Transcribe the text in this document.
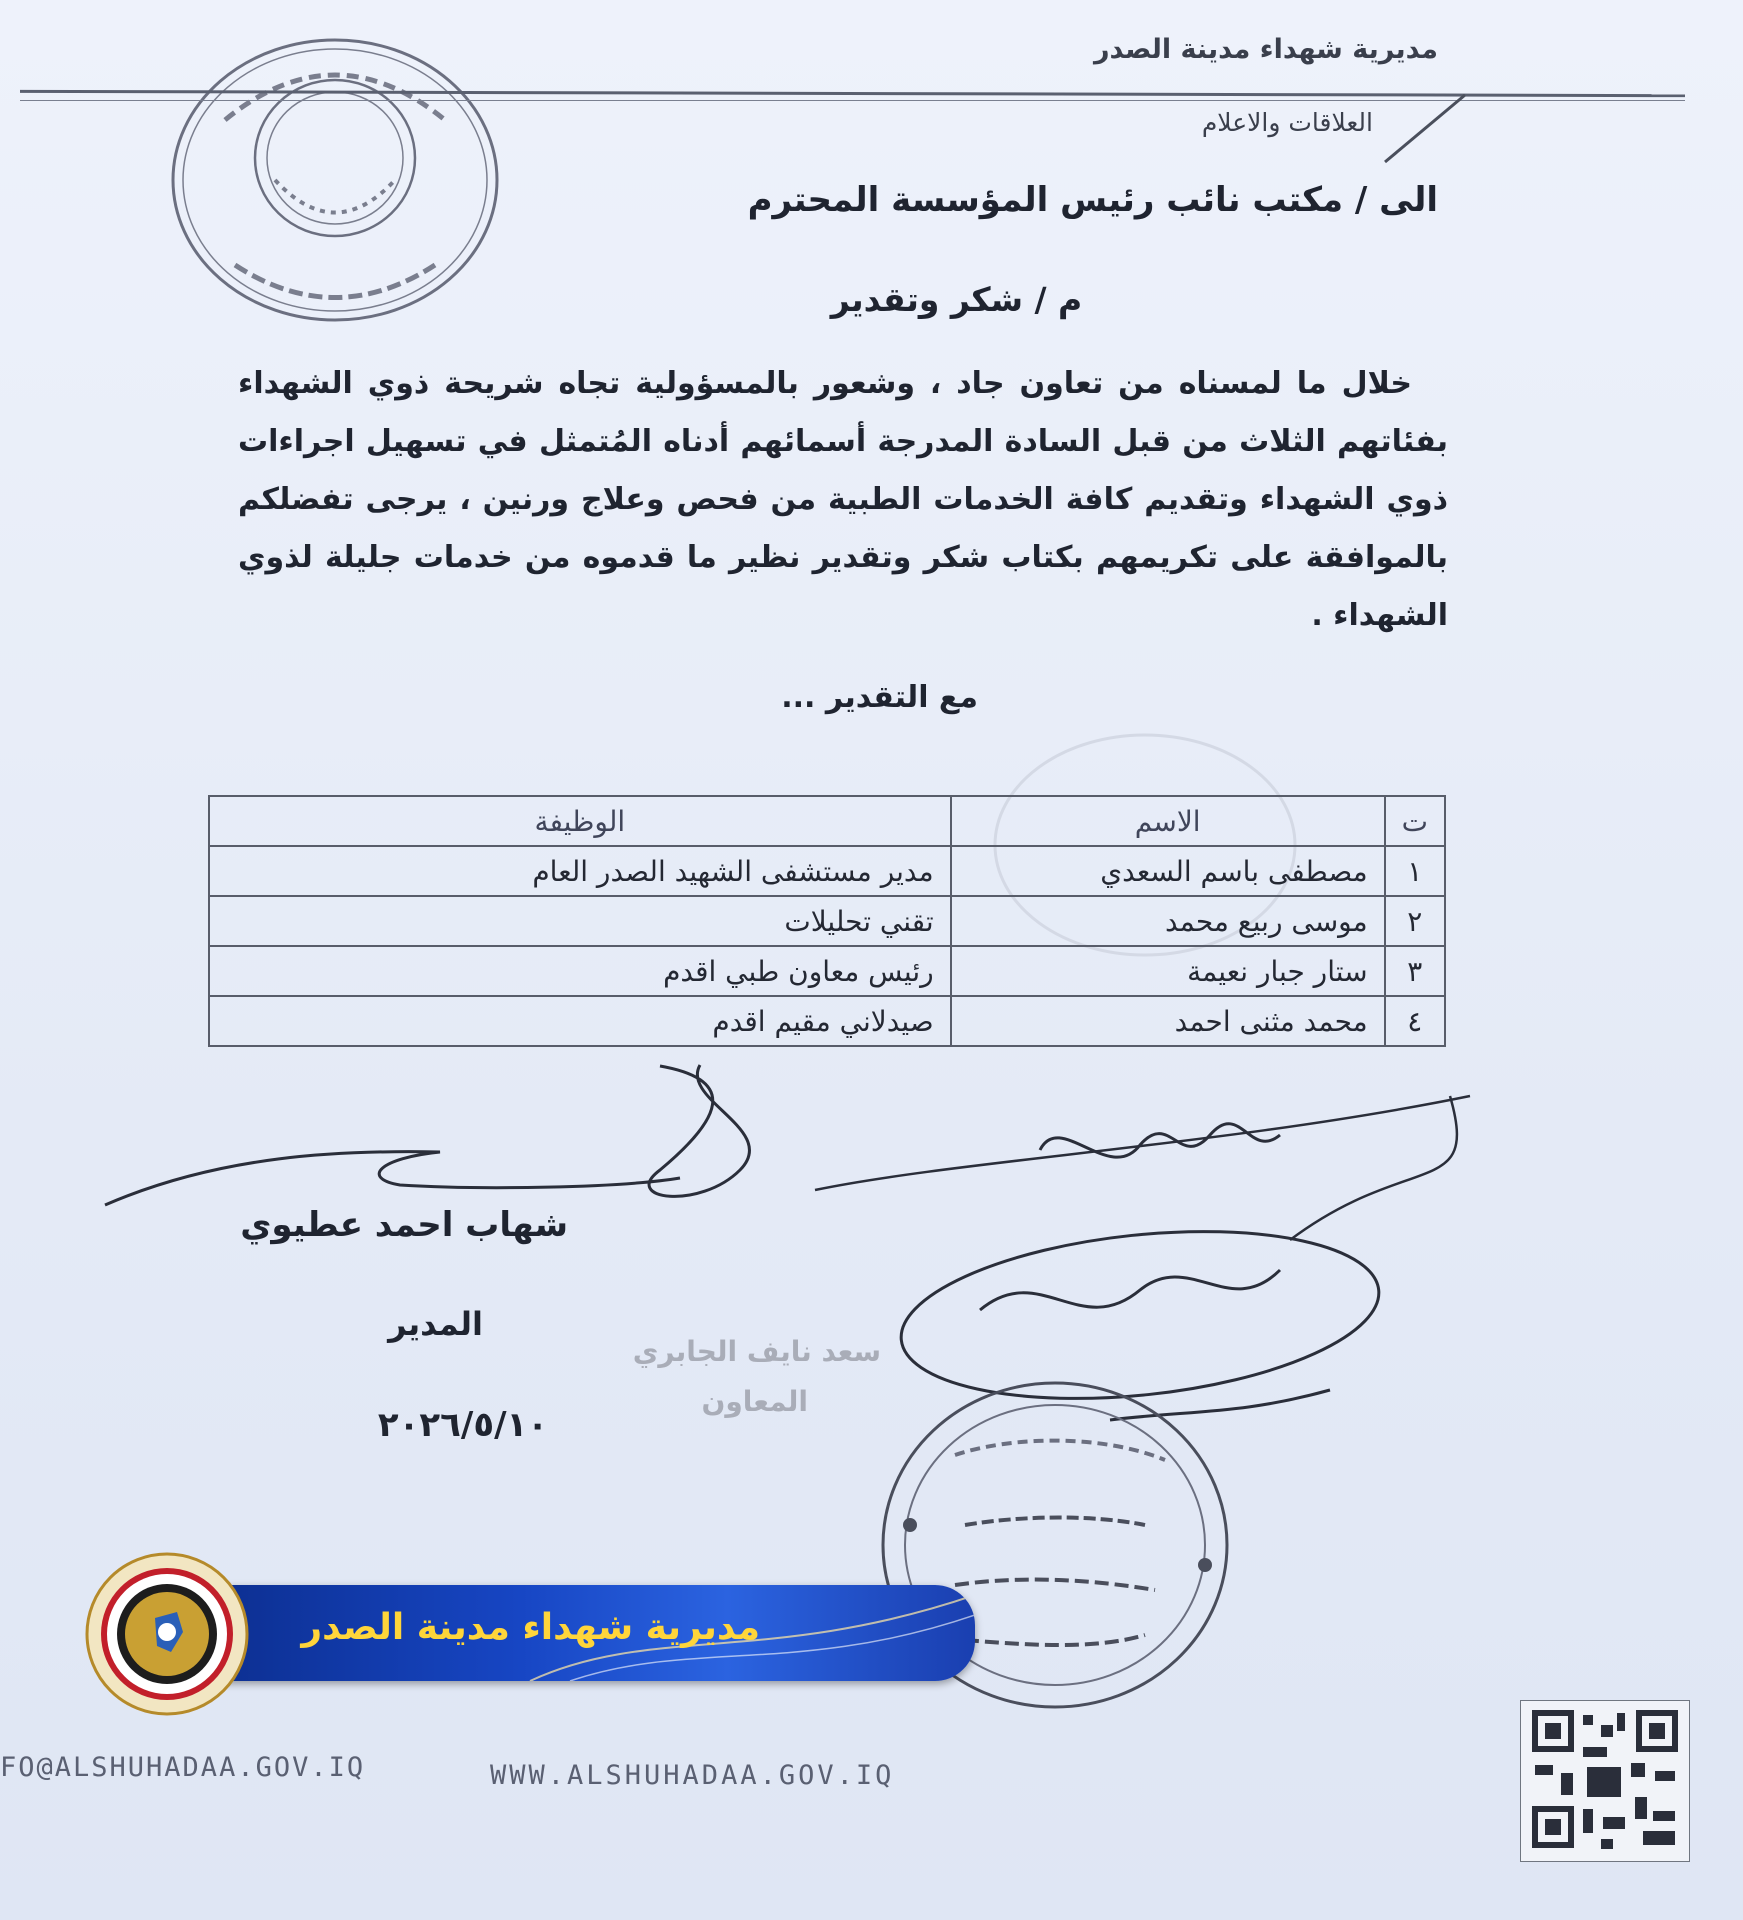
مديرية شهداء مدينة الصدر
العلاقات والاعلام
الى / مكتب نائب رئيس المؤسسة المحترم
م / شكر وتقدير
خلال ما لمسناه من تعاون جاد ، وشعور بالمسؤولية تجاه شريحة ذوي الشهداء بفئاتهم الثلاث من قبل السادة المدرجة أسمائهم أدناه المُتمثل في تسهيل اجراءات ذوي الشهداء وتقديم كافة الخدمات الطبية من فحص وعلاج ورنين ، يرجى تفضلكم بالموافقة على تكريمهم بكتاب شكر وتقدير نظير ما قدموه من خدمات جليلة لذوي الشهداء .
مع التقدير ...
ت	الاسم	الوظيفة
١	مصطفى باسم السعدي	مدير مستشفى الشهيد الصدر العام
٢	موسى ربيع محمد	تقني تحليلات
٣	ستار جبار نعيمة	رئيس معاون طبي اقدم
٤	محمد مثنى احمد	صيدلاني مقيم اقدم
شهاب احمد عطيوي
المدير
٢٠٢٦/٥/١٠
سعد نايف الجابري
المعاون
مديرية شهداء مدينة الصدر
FO@ALSHUHADAA.GOV.IQ	WWW.ALSHUHADAA.GOV.IQ
